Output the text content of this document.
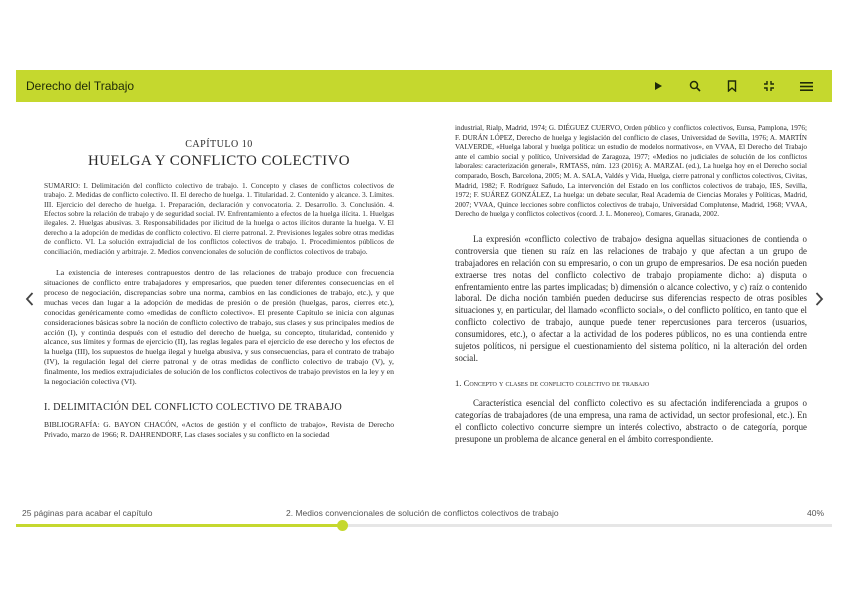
Derecho del Trabajo
CAPÍTULO 10
HUELGA Y CONFLICTO COLECTIVO

SUMARIO: I. Delimitación del conflicto colectivo de trabajo. 1. Concepto y clases de conflictos colectivos de trabajo. 2. Medidas de conflicto colectivo. II. El derecho de huelga. 1. Titularidad. 2. Contenido y alcance. 3. Límites. III. Ejercicio del derecho de huelga. 1. Preparación, declaración y convocatoria. 2. Desarrollo. 3. Conclusión. 4. Efectos sobre la relación de trabajo y de seguridad social. IV. Enfrentamiento a efectos de la huelga ilícita. 1. Huelgas ilegales. 2. Huelgas abusivas. 3. Responsabilidades por ilicitud de la huelga o actos ilícitos durante la huelga. V. El derecho a la adopción de medidas de conflicto colectivo. El cierre patronal. 2. Previsiones legales sobre otras medidas de conflicto. VI. La solución extrajudicial de los conflictos colectivos de trabajo. 1. Procedimientos públicos de conciliación, mediación y arbitraje. 2. Medios convencionales de solución de conflictos colectivos de trabajo.

La existencia de intereses contrapuestos dentro de las relaciones de trabajo produce con frecuencia situaciones de conflicto entre trabajadores y empresarios, que pueden tener diferentes consecuencias en el proceso de negociación, discrepancias sobre una norma, cambios en las condiciones de trabajo, etc.), y que muchas veces dan lugar a la adopción de medidas de presión o de presión (huelgas, paros, cierres etc.), conocidas genéricamente como «medidas de conflicto colectivo». El presente Capítulo se inicia con algunas consideraciones básicas sobre la noción de conflicto colectivo de trabajo, sus clases y sus principales medios de acción (I), y continúa después con el estudio del derecho de huelga, su concepto, titularidad, contenido y alcance, sus límites y formas de ejercicio (II), las reglas legales para el ejercicio de ese derecho y los efectos de la huelga (III), los supuestos de huelga ilegal y huelga abusiva, y sus consecuencias, para el contrato de trabajo (IV), la regulación legal del cierre patronal y de otras medidas de conflicto colectivo de trabajo (V), y, finalmente, los medios extrajudiciales de solución de los conflictos colectivos de trabajo previstos en la ley y en la negociación colectiva (VI).

I. DELIMITACIÓN DEL CONFLICTO COLECTIVO DE TRABAJO

BIBLIOGRAFÍA: G. BAYON CHACÓN, «Actos de gestión y el conflicto de trabajo», Revista de Derecho Privado, marzo de 1966; R. DAHRENDORF, Las clases sociales y su conflicto en la sociedad

industrial, Rialp, Madrid, 1974; G. DIÉGUEZ CUERVO, Orden público y conflictos colectivos, Eunsa, Pamplona, 1976; F. DURÁN LÓPEZ, Derecho de huelga y legislación del conflicto de clases, Universidad de Sevilla, 1976; A. MARTÍN VALVERDE, «Huelga laboral y huelga política: un estudio de modelos normativos», en VVAA, El Derecho del Trabajo ante el cambio social y político, Universidad de Zaragoza, 1977; «Medios no judiciales de solución de los conflictos laborales: caracterización general», RMTASS, núm. 123 (2016); A. MARZAL (ed.), La huelga hoy en el Derecho social comparado, Bosch, Barcelona, 2005; M. A. SALA, Valdés y Vida, Huelga, cierre patronal y conflictos colectivos, Civitas, Madrid, 1982; F. Rodríguez Sañudo, La intervención del Estado en los conflictos colectivos de trabajo, IES, Sevilla, 1972; F. SUÁREZ GONZÁLEZ, La huelga: un debate secular, Real Academia de Ciencias Morales y Políticas, Madrid, 2007; VVAA, Quince lecciones sobre conflictos colectivos de trabajo, Universidad Complutense, Madrid, 1968; VVAA, Derecho de huelga y conflictos colectivos (coord. J. L. Monereo), Comares, Granada, 2002.

La expresión «conflicto colectivo de trabajo» designa aquellas situaciones de contienda o controversia que tienen su raíz en las relaciones de trabajo y que afectan a un grupo de trabajadores en relación con su empresario, o con un grupo de empresarios. De esa noción pueden extraerse tres notas del conflicto colectivo de trabajo propiamente dicho: a) disputa o enfrentamiento entre las partes implicadas; b) dimensión o alcance colectivo, y c) raíz o contenido laboral. De dicha noción también pueden deducirse sus diferencias respecto de otras posibles situaciones y, en particular, del llamado «conflicto social», o del conflicto político, en tanto que el conflicto colectivo de trabajo, aunque puede tener repercusiones para terceros (usuarios, consumidores, etc.), o afectar a la actividad de los poderes públicos, no es una contienda entre sujetos políticos, ni persigue el cuestionamiento del sistema político, ni la alteración del orden social.

1. Concepto y clases de conflicto colectivo de trabajo

Característica esencial del conflicto colectivo es su afectación indiferenciada a grupos o categorías de trabajadores (de una empresa, una rama de actividad, un sector profesional, etc.). En el conflicto colectivo concurre siempre un interés colectivo, abstracto o de categoría, porque presupone un problema de alcance general en el ámbito correspondiente.

25 páginas para acabar el capítulo	2. Medios convencionales de solución de conflictos colectivos de trabajo	40%
